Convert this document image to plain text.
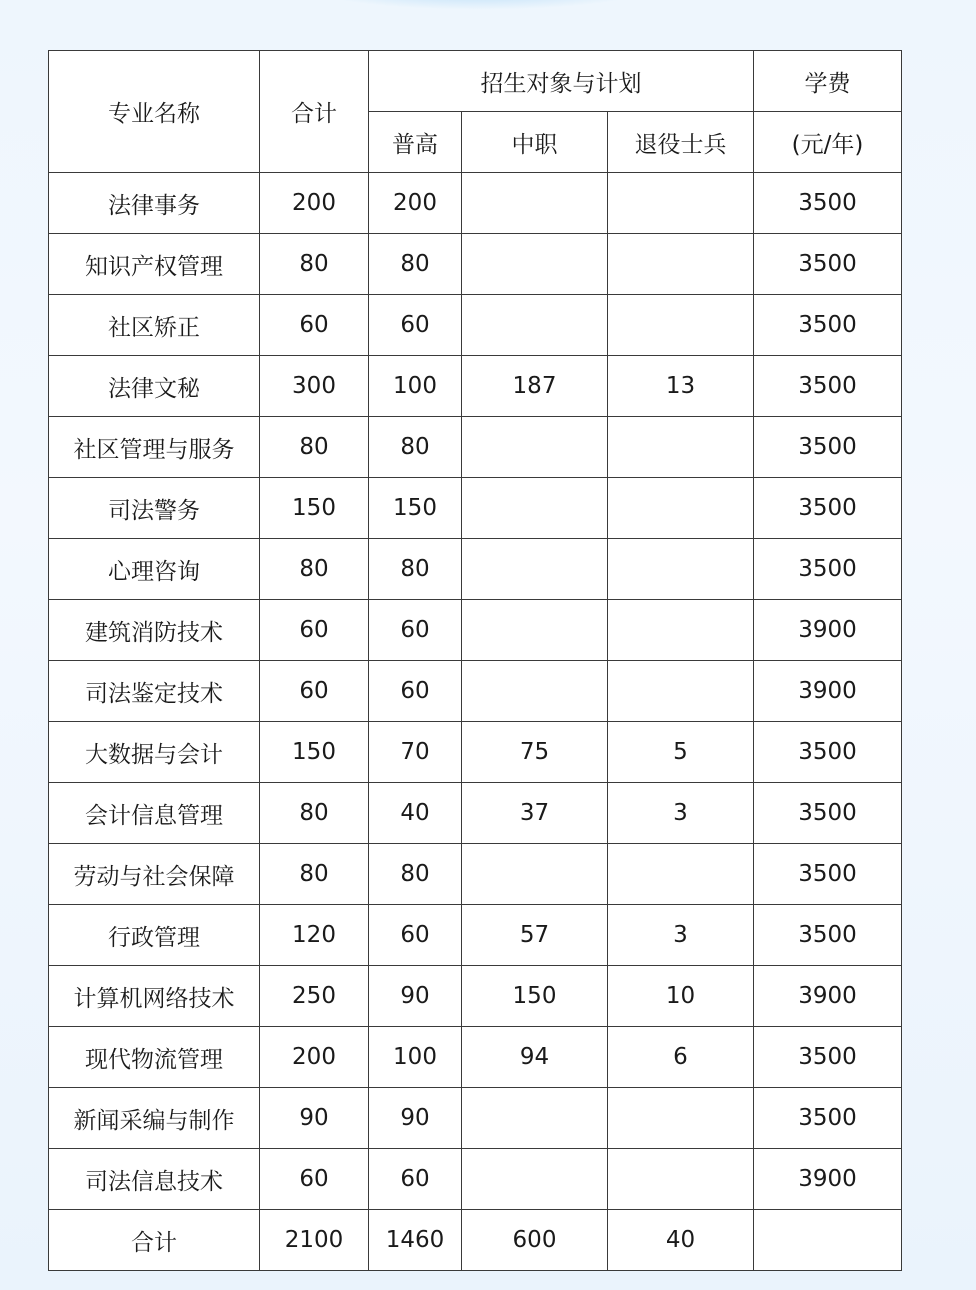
专业名称	合计	招生对象与计划			学费
		普高	中职	退役士兵	(元/年)
法律事务	200	200			3500
知识产权管理	80	80			3500
社区矫正	60	60			3500
法律文秘	300	100	187	13	3500
社区管理与服务	80	80			3500
司法警务	150	150			3500
心理咨询	80	80			3500
建筑消防技术	60	60			3900
司法鉴定技术	60	60			3900
大数据与会计	150	70	75	5	3500
会计信息管理	80	40	37	3	3500
劳动与社会保障	80	80			3500
行政管理	120	60	57	3	3500
计算机网络技术	250	90	150	10	3900
现代物流管理	200	100	94	6	3500
新闻采编与制作	90	90			3500
司法信息技术	60	60			3900
合计	2100	1460	600	40	
